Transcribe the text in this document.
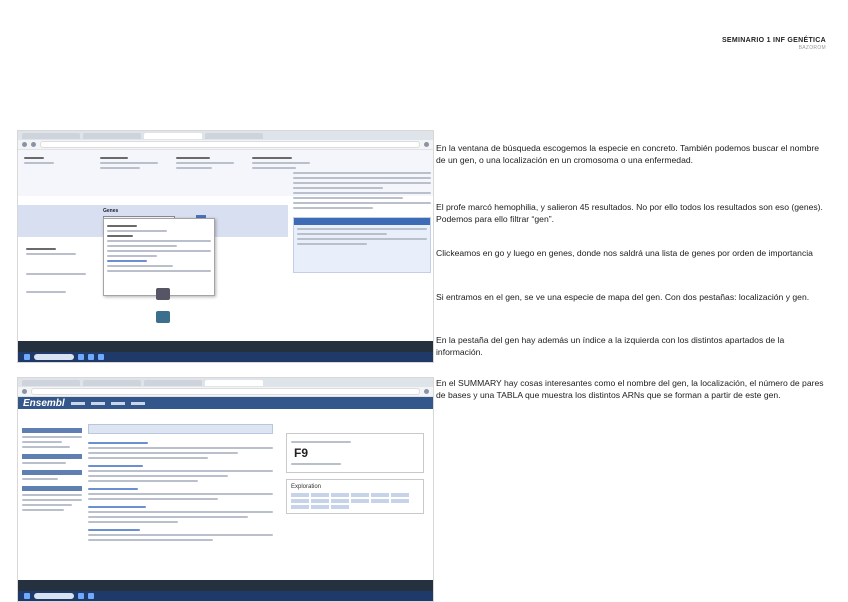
SEMINARIO 1 INF GENÉTICA
BAZOROM
Genes
Ensembl
F9
Exploration

En la ventana de búsqueda escogemos la especie en concreto. También podemos buscar el nombre de un gen, o una localización en un cromosoma o una enfermedad.

El profe marcó hemophilia, y salieron 45 resultados. No por ello todos los resultados son eso (genes). Podemos para ello filtrar “gen”.

Clickeamos en go y luego en genes, donde nos saldrá una lista de genes por orden de importancia

Si entramos en el gen, se ve una especie de mapa del gen. Con dos pestañas: localización y gen.

En la pestaña del gen hay además un índice a la izquierda con los distintos apartados de la información.

En el SUMMARY hay cosas interesantes como el nombre del gen, la localización, el número de pares de bases y una TABLA que muestra los distintos ARNs que se forman a partir de este gen.
